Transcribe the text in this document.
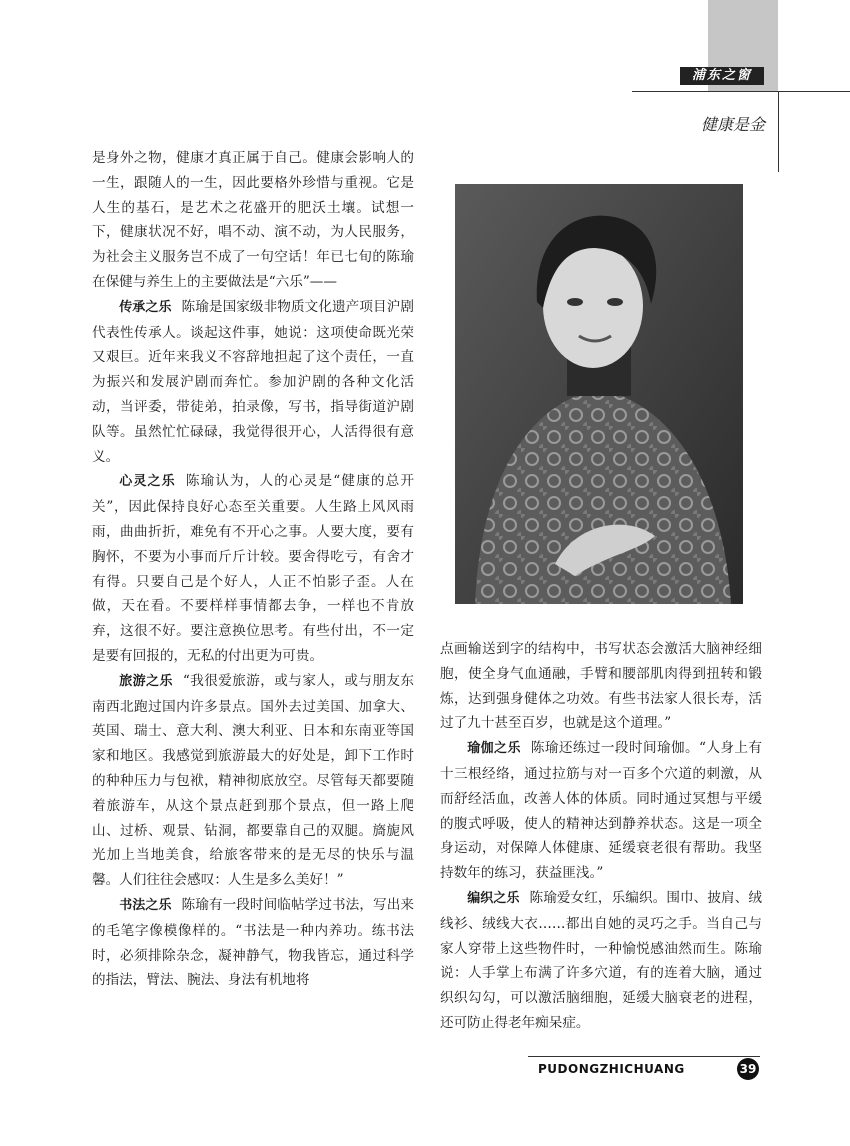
浦东之窗
健康是金

是身外之物，健康才真正属于自己。健康会影响人的一生，跟随人的一生，因此要格外珍惜与重视。它是人生的基石，是艺术之花盛开的肥沃土壤。试想一下，健康状况不好，唱不动、演不动，为人民服务，为社会主义服务岂不成了一句空话！年已七旬的陈瑜在保健与养生上的主要做法是“六乐”——

传承之乐 陈瑜是国家级非物质文化遗产项目沪剧代表性传承人。谈起这件事，她说：这项使命既光荣又艰巨。近年来我义不容辞地担起了这个责任，一直为振兴和发展沪剧而奔忙。参加沪剧的各种文化活动，当评委，带徒弟，拍录像，写书，指导街道沪剧队等。虽然忙忙碌碌，我觉得很开心，人活得很有意义。

心灵之乐 陈瑜认为，人的心灵是“健康的总开关”，因此保持良好心态至关重要。人生路上风风雨雨，曲曲折折，难免有不开心之事。人要大度，要有胸怀，不要为小事而斤斤计较。要舍得吃亏，有舍才有得。只要自己是个好人，人正不怕影子歪。人在做，天在看。不要样样事情都去争，一样也不肯放弃，这很不好。要注意换位思考。有些付出，不一定是要有回报的，无私的付出更为可贵。

旅游之乐 “我很爱旅游，或与家人，或与朋友东南西北跑过国内许多景点。国外去过美国、加拿大、英国、瑞士、意大利、澳大利亚、日本和东南亚等国家和地区。我感觉到旅游最大的好处是，卸下工作时的种种压力与包袱，精神彻底放空。尽管每天都要随着旅游车，从这个景点赶到那个景点，但一路上爬山、过桥、观景、钻洞，都要靠自己的双腿。旖旎风光加上当地美食，给旅客带来的是无尽的快乐与温馨。人们往往会感叹：人生是多么美好！”

书法之乐 陈瑜有一段时间临帖学过书法，写出来的毛笔字像模像样的。“书法是一种内养功。练书法时，必须排除杂念，凝神静气，物我皆忘，通过科学的指法，臂法、腕法、身法有机地将

点画输送到字的结构中，书写状态会激活大脑神经细胞，使全身气血通融，手臂和腰部肌肉得到扭转和锻炼，达到强身健体之功效。有些书法家人很长寿，活过了九十甚至百岁，也就是这个道理。”

瑜伽之乐 陈瑜还练过一段时间瑜伽。“人身上有十三根经络，通过拉筋与对一百多个穴道的刺激，从而舒经活血，改善人体的体质。同时通过冥想与平缓的腹式呼吸，使人的精神达到静养状态。这是一项全身运动，对保障人体健康、延缓衰老很有帮助。我坚持数年的练习，获益匪浅。”

编织之乐 陈瑜爱女红，乐编织。围巾、披肩、绒线衫、绒线大衣……都出自她的灵巧之手。当自己与家人穿带上这些物件时，一种愉悦感油然而生。陈瑜说：人手掌上布满了许多穴道，有的连着大脑，通过织织勾勾，可以激活脑细胞，延缓大脑衰老的进程，还可防止得老年痴呆症。

PUDONGZHICHUANG	39
